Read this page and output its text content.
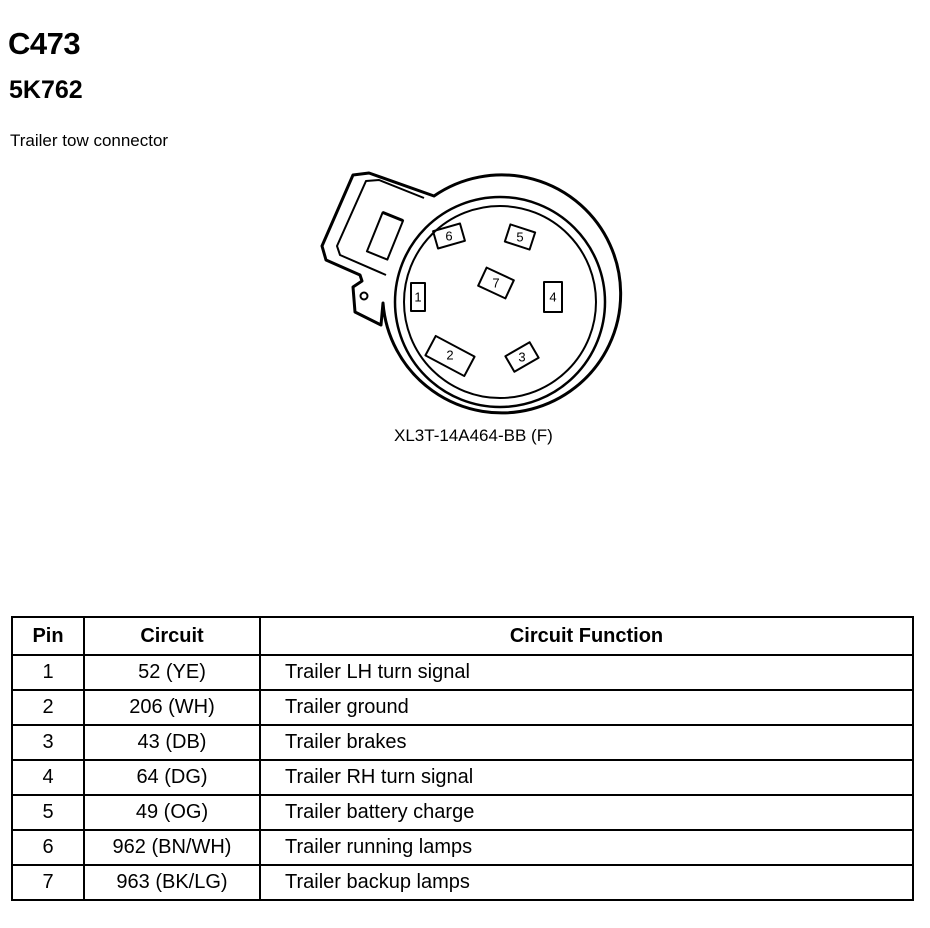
C473
5K762
Trailer tow connector
1
2	3
4
5
6
7
XL3T-14A464-BB (F)
Pin	Circuit	Circuit Function
1	52 (YE)	Trailer LH turn signal
2	206 (WH)	Trailer ground
3	43 (DB)	Trailer brakes
4	64 (DG)	Trailer RH turn signal
5	49 (OG)	Trailer battery charge
6	962 (BN/WH)	Trailer running lamps
7	963 (BK/LG)	Trailer backup lamps
